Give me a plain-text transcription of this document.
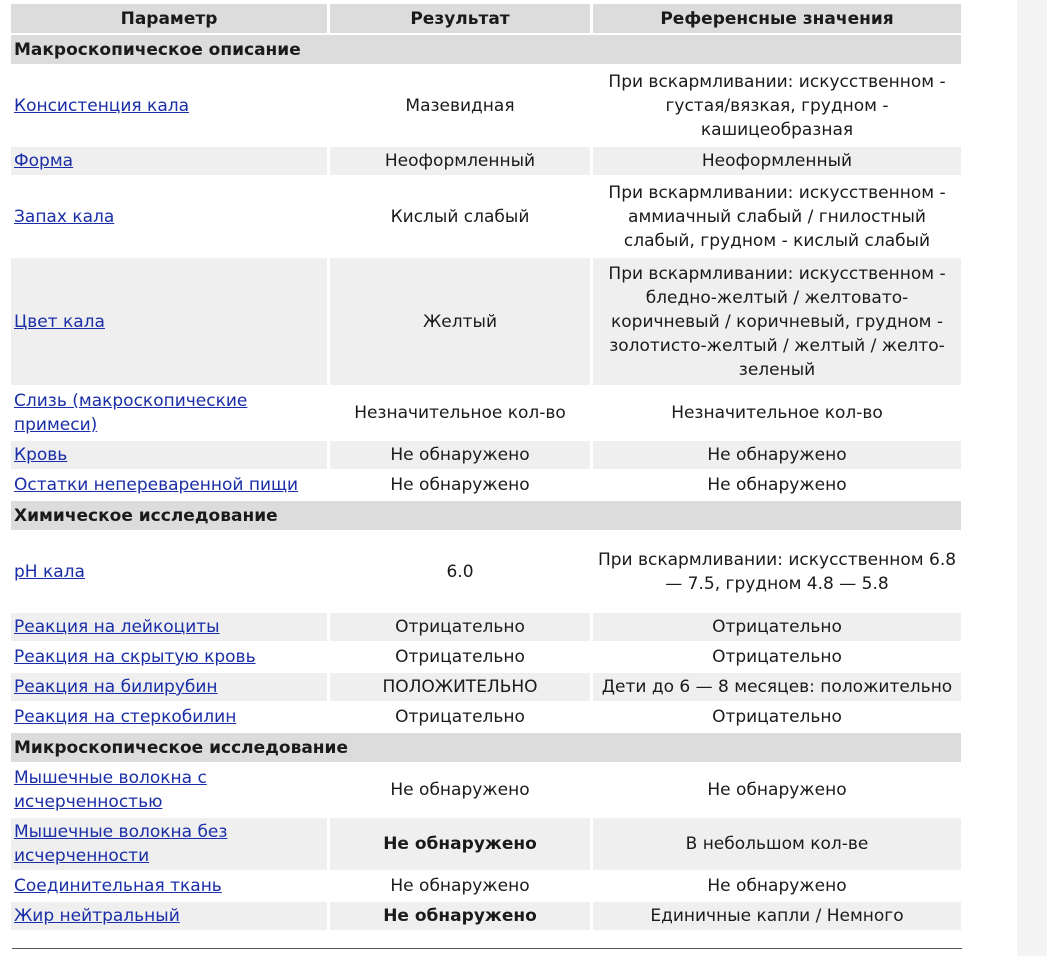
Параметр	Результат	Референсные значения
Макроскопическое описание		
Консистенция кала	Мазевидная	При вскармливании: искусственном - густая/вязкая, грудном - кашицеобразная
Форма	Неоформленный	Неоформленный
Запах кала	Кислый слабый	При вскармливании: искусственном - аммиачный слабый / гнилостный слабый, грудном - кислый слабый
Цвет кала	Желтый	При вскармливании: искусственном - бледно-желтый / желтовато-коричневый / коричневый, грудном - золотисто-желтый / желтый / желто-зеленый
Слизь (макроскопические примеси)	Незначительное кол-во	Незначительное кол-во
Кровь	Не обнаружено	Не обнаружено
Остатки непереваренной пищи	Не обнаружено	Не обнаружено
Химическое исследование		
pH кала	6.0	При вскармливании: искусственном 6.8 — 7.5, грудном 4.8 — 5.8
Реакция на лейкоциты	Отрицательно	Отрицательно
Реакция на скрытую кровь	Отрицательно	Отрицательно
Реакция на билирубин	ПОЛОЖИТЕЛЬНО	Дети до 6 — 8 месяцев: положительно
Реакция на стеркобилин	Отрицательно	Отрицательно
Микроскопическое исследование		
Мышечные волокна с исчерченностью	Не обнаружено	Не обнаружено
Мышечные волокна без исчерченности	Не обнаружено	В небольшом кол-ве
Соединительная ткань	Не обнаружено	Не обнаружено
Жир нейтральный	Не обнаружено	Единичные капли / Немного
